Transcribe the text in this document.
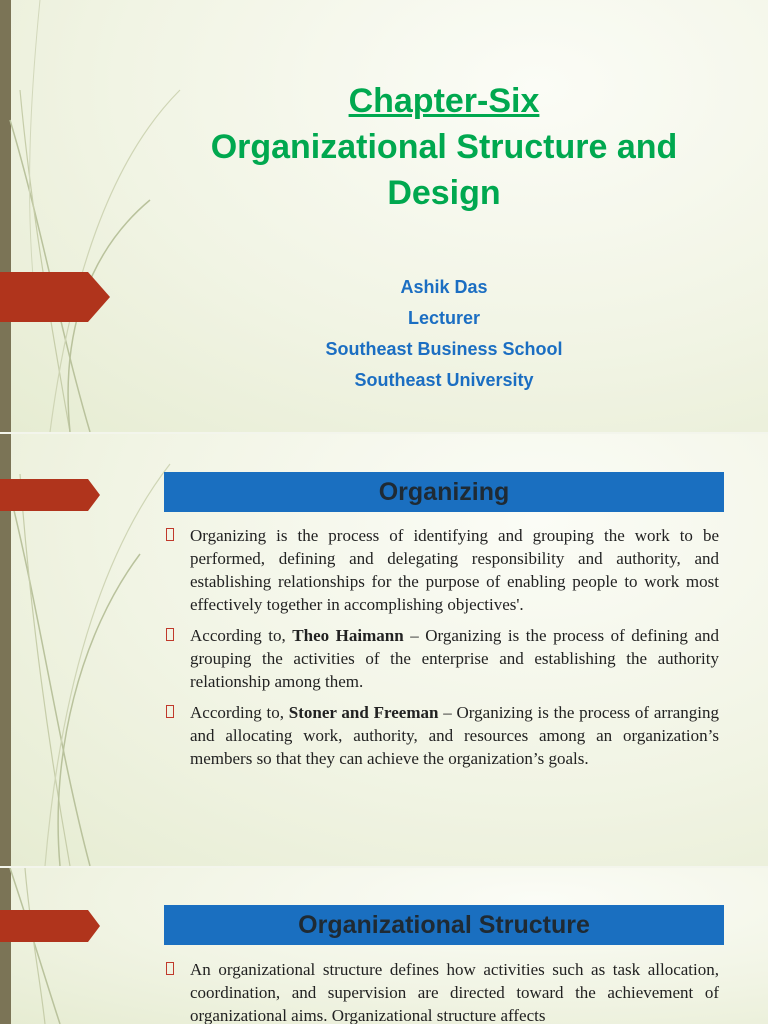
Chapter-Six
Organizational Structure and
Design
Ashik Das
Lecturer
Southeast Business School
Southeast University
Organizing
Organizing is the process of identifying and grouping the work to be performed, defining and delegating responsibility and authority, and establishing relationships for the purpose of enabling people to work most effectively together in accomplishing objectives'.
According to, Theo Haimann – Organizing is the process of defining and grouping the activities of the enterprise and establishing the authority relationship among them.
According to, Stoner and Freeman – Organizing is the process of arranging and allocating work, authority, and resources among an organization’s members so that they can achieve the organization’s goals.
Organizational Structure
An organizational structure defines how activities such as task allocation, coordination, and supervision are directed toward the achievement of organizational aims. Organizational structure affects
